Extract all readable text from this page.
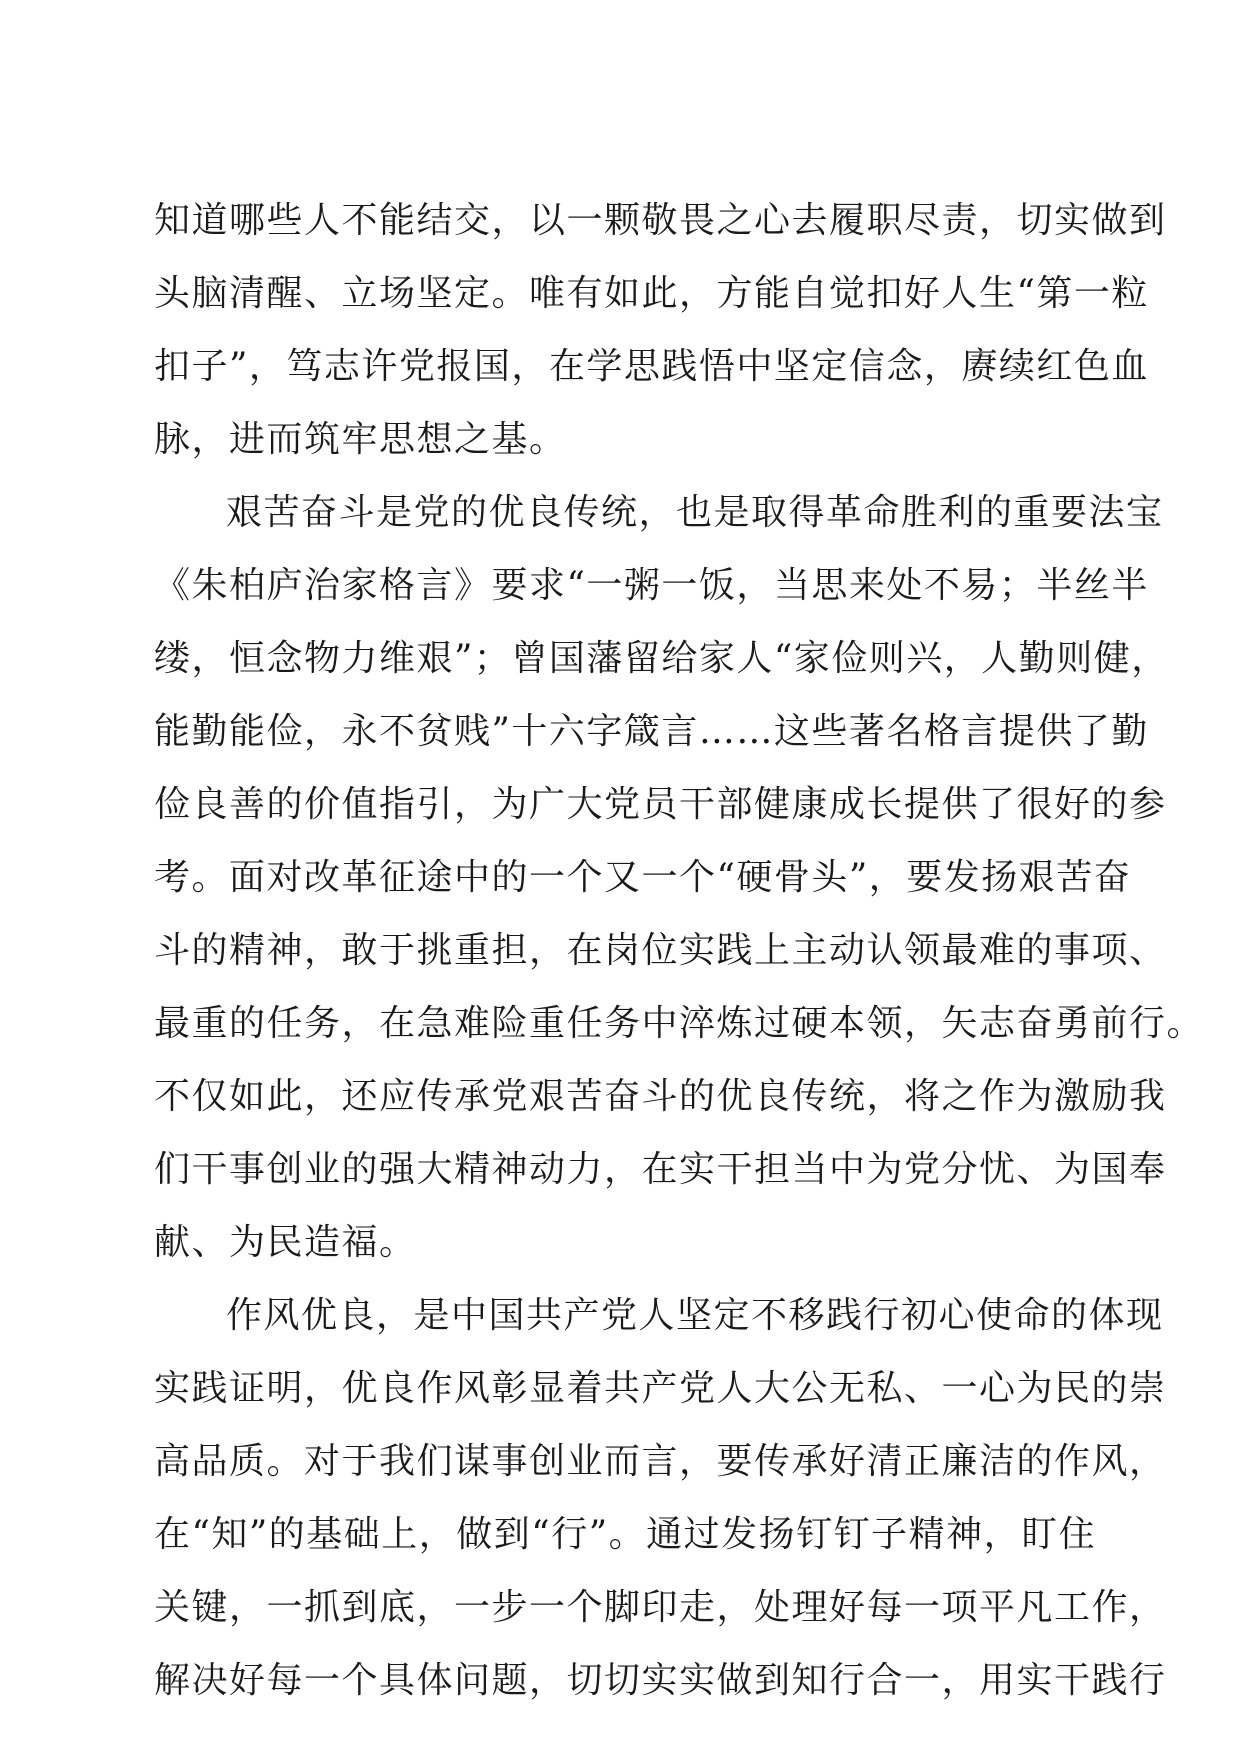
知道哪些人不能结交，以一颗敬畏之心去履职尽责，切实做到
头脑清醒、立场坚定。唯有如此，方能自觉扣好人生“第一粒
扣子”，笃志许党报国，在学思践悟中坚定信念，赓续红色血
脉，进而筑牢思想之基。
艰苦奋斗是党的优良传统，也是取得革命胜利的重要法宝
《朱柏庐治家格言》要求“一粥一饭，当思来处不易；半丝半
缕，恒念物力维艰”；曾国藩留给家人“家俭则兴，人勤则健，
能勤能俭，永不贫贱”十六字箴言……这些著名格言提供了勤
俭良善的价值指引，为广大党员干部健康成长提供了很好的参
考。面对改革征途中的一个又一个“硬骨头”，要发扬艰苦奋
斗的精神，敢于挑重担，在岗位实践上主动认领最难的事项、
最重的任务，在急难险重任务中淬炼过硬本领，矢志奋勇前行。
不仅如此，还应传承党艰苦奋斗的优良传统，将之作为激励我
们干事创业的强大精神动力，在实干担当中为党分忧、为国奉
献、为民造福。
作风优良，是中国共产党人坚定不移践行初心使命的体现
实践证明，优良作风彰显着共产党人大公无私、一心为民的崇
高品质。对于我们谋事创业而言，要传承好清正廉洁的作风，
在“知”的基础上，做到“行”。通过发扬钉钉子精神，盯住
关键，一抓到底，一步一个脚印走，处理好每一项平凡工作，
解决好每一个具体问题，切切实实做到知行合一，用实干践行
